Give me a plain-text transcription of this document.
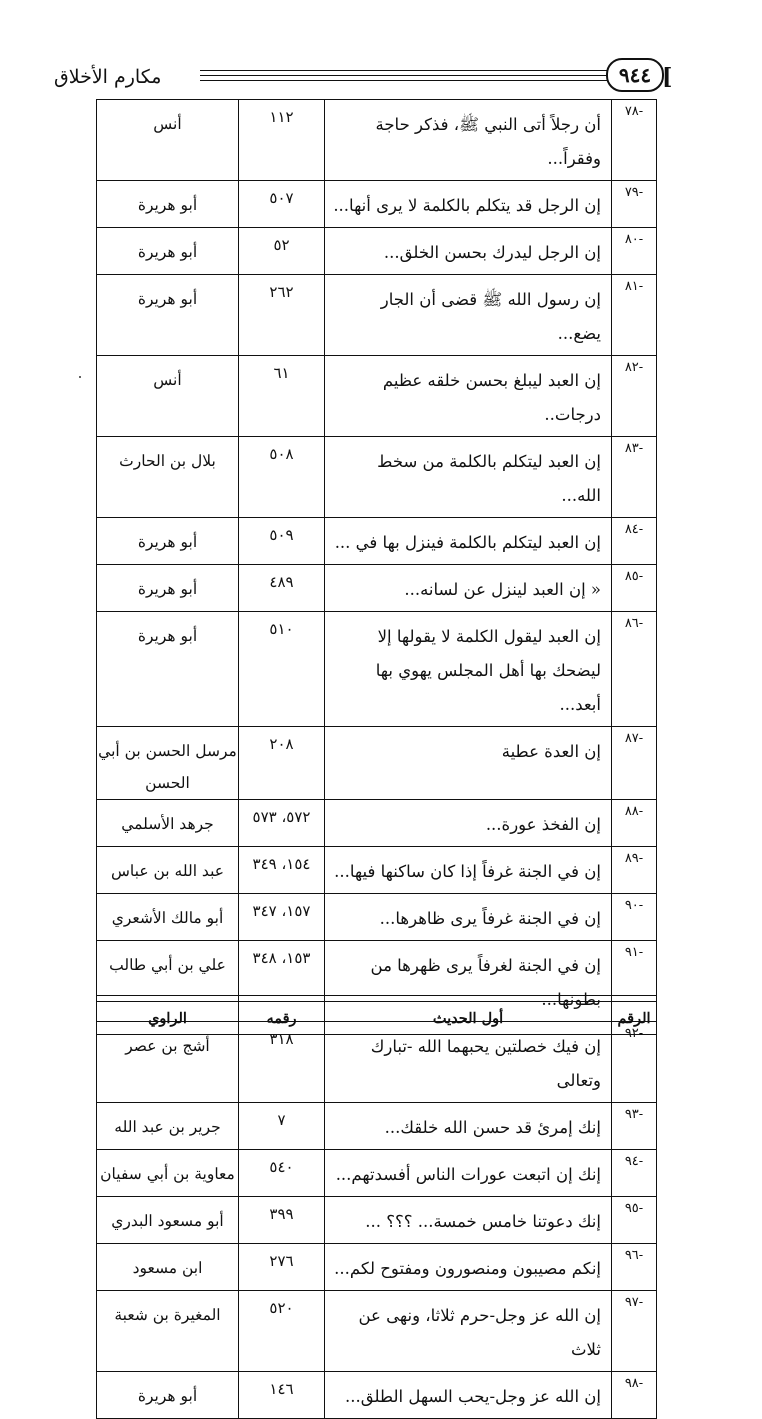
مكارم الأخلاق	٩٤٤ [
-٧٨	أن رجلاً أتى النبي ﷺ، فذكر حاجة وفقراً...	١١٢	أنس
-٧٩	إن الرجل قد يتكلم بالكلمة لا يرى أنها...	٥٠٧	أبو هريرة
-٨٠	إن الرجل ليدرك بحسن الخلق...	٥٢	أبو هريرة
-٨١	إن رسول الله ﷺ قضى أن الجار يضع...	٢٦٢	أبو هريرة
-٨٢	إن العبد ليبلغ بحسن خلقه عظيم درجات..	٦١	أنس
-٨٣	إن العبد ليتكلم بالكلمة من سخط الله...	٥٠٨	بلال بن الحارث
-٨٤	إن العبد ليتكلم بالكلمة فينزل بها في ...	٥٠٩	أبو هريرة
-٨٥	« إن العبد لينزل عن لسانه...	٤٨٩	أبو هريرة
-٨٦	إن العبد ليقول الكلمة لا يقولها إلا ليضحك بها أهل المجلس يهوي بها أبعد...	٥١٠	أبو هريرة
-٨٧	إن العدة عطية	٢٠٨	مرسل الحسن بن أبي الحسن
-٨٨	إن الفخذ عورة...	٥٧٢، ٥٧٣	جرهد الأسلمي
-٨٩	إن في الجنة غرفاً إذا كان ساكنها فيها...	١٥٤، ٣٤٩	عبد الله بن عباس
-٩٠	إن في الجنة غرفاً يرى ظاهرها...	١٥٧، ٣٤٧	أبو مالك الأشعري
-٩١	إن في الجنة لغرفاً يرى ظهرها من بطونها...	١٥٣، ٣٤٨	علي بن أبي طالب
-٩٢	إن فيك خصلتين يحبهما الله -تبارك وتعالى	٣١٨	أشج بن عصر
-٩٣	إنك إمرئ قد حسن الله خلقك...	٧	جرير بن عبد الله
-٩٤	إنك إن اتبعت عورات الناس أفسدتهم...	٥٤٠	معاوية بن أبي سفيان
-٩٥	إنك دعوتنا خامس خمسة... ؟؟؟ ...	٣٩٩	أبو مسعود البدري
-٩٦	إنكم مصيبون ومنصورون ومفتوح لكم...	٢٧٦	ابن مسعود
-٩٧	إن الله عز وجل-حرم ثلاثا، ونهى عن ثلاث	٥٢٠	المغيرة بن شعبة
-٩٨	إن الله عز وجل-يحب السهل الطلق...	١٤٦	أبو هريرة
الرقم	أول الحديث	رقمه	الراوي
